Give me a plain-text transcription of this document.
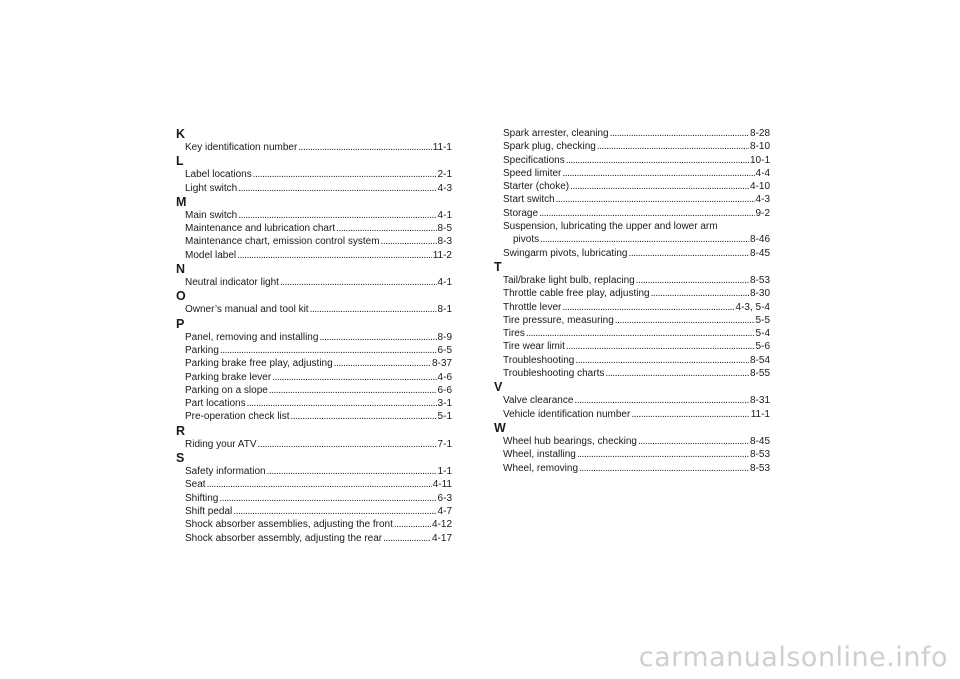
K
Key identification number . . .	11-1
L
Label locations . . .	2-1
Light switch . . .	4-3
M
Main switch . . .	4-1
Maintenance and lubrication chart . . .	8-5
Maintenance chart, emission control system . . .	8-3
Model label . . .	11-2
N
Neutral indicator light . . .	4-1
O
Owner’s manual and tool kit . . .	8-1
P
Panel, removing and installing . . .	8-9
Parking . . .	6-5
Parking brake free play, adjusting . . .	8-37
Parking brake lever . . .	4-6
Parking on a slope . . .	6-6
Part locations . . .	3-1
Pre-operation check list . . .	5-1
R
Riding your ATV . . .	7-1
S
Safety information . . .	1-1
Seat . . .	4-11
Shifting . . .	6-3
Shift pedal . . .	4-7
Shock absorber assemblies, adjusting the front . . .	4-12
Shock absorber assembly, adjusting the rear . . .	4-17
Spark arrester, cleaning . . .	8-28
Spark plug, checking . . .	8-10
Specifications . . .	10-1
Speed limiter . . .	4-4
Starter (choke) . . .	4-10
Start switch . . .	4-3
Storage . . .	9-2
Suspension, lubricating the upper and lower arm
pivots . . .	8-46
Swingarm pivots, lubricating . . .	8-45
T
Tail/brake light bulb, replacing . . .	8-53
Throttle cable free play, adjusting . . .	8-30
Throttle lever . . .	4-3, 5-4
Tire pressure, measuring . . .	5-5
Tires . . .	5-4
Tire wear limit . . .	5-6
Troubleshooting . . .	8-54
Troubleshooting charts . . .	8-55
V
Valve clearance . . .	8-31
Vehicle identification number . . .	11-1
W
Wheel hub bearings, checking . . .	8-45
Wheel, installing . . .	8-53
Wheel, removing . . .	8-53
carmanualsonline.info
